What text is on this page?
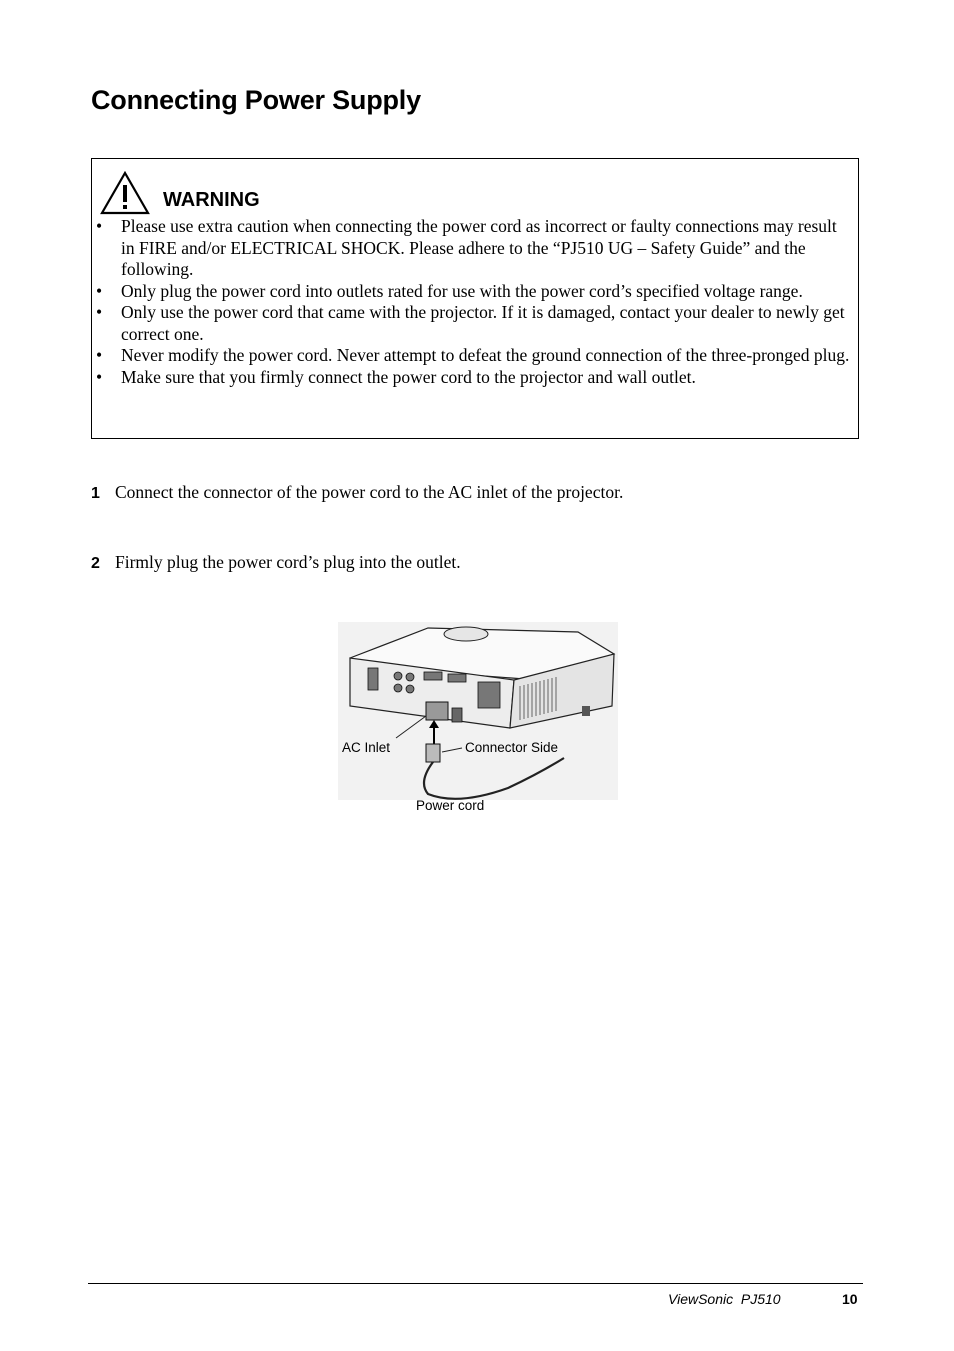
Connecting Power Supply
WARNING
• Please use extra caution when connecting the power cord as incorrect or faulty connections may result in FIRE and/or ELECTRICAL SHOCK. Please adhere to the “PJ510 UG – Safety Guide” and the following.
• Only plug the power cord into outlets rated for use with the power cord’s specified voltage range.
• Only use the power cord that came with the projector. If it is damaged, contact your dealer to newly get correct one.
• Never modify the power cord. Never attempt to defeat the ground connection of the three-pronged plug.
• Make sure that you firmly connect the power cord to the projector and wall outlet.
1 Connect the connector of the power cord to the AC inlet of the projector.
2 Firmly plug the power cord’s plug into the outlet.
AC Inlet	Connector Side
Power cord
ViewSonic  PJ510	10
